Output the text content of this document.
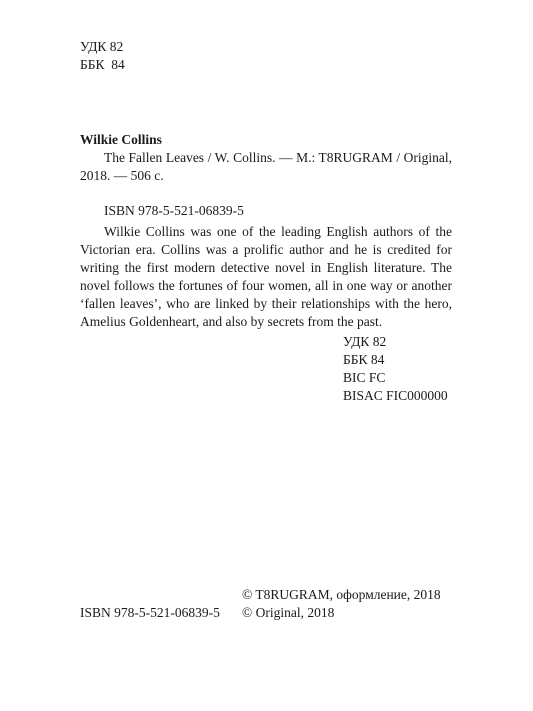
УДК 82
ББК  84
Wilkie Collins
The Fallen Leaves / W. Collins. — M.: T8RUGRAM / Original, 2018. — 506 c.
ISBN 978-5-521-06839-5
Wilkie Collins was one of the leading English authors of the Victorian era. Collins was a prolific author and he is credited for writing the first modern detective novel in English literature. The novel follows the fortunes of four women, all in one way or another ‘fallen leaves’, who are linked by their relationships with the hero, Amelius Goldenheart, and also by secrets from the past.
УДК 82
ББК 84
BIC FC
BISAC FIC000000
ISBN 978-5-521-06839-5
© T8RUGRAM, оформление, 2018
© Original, 2018
